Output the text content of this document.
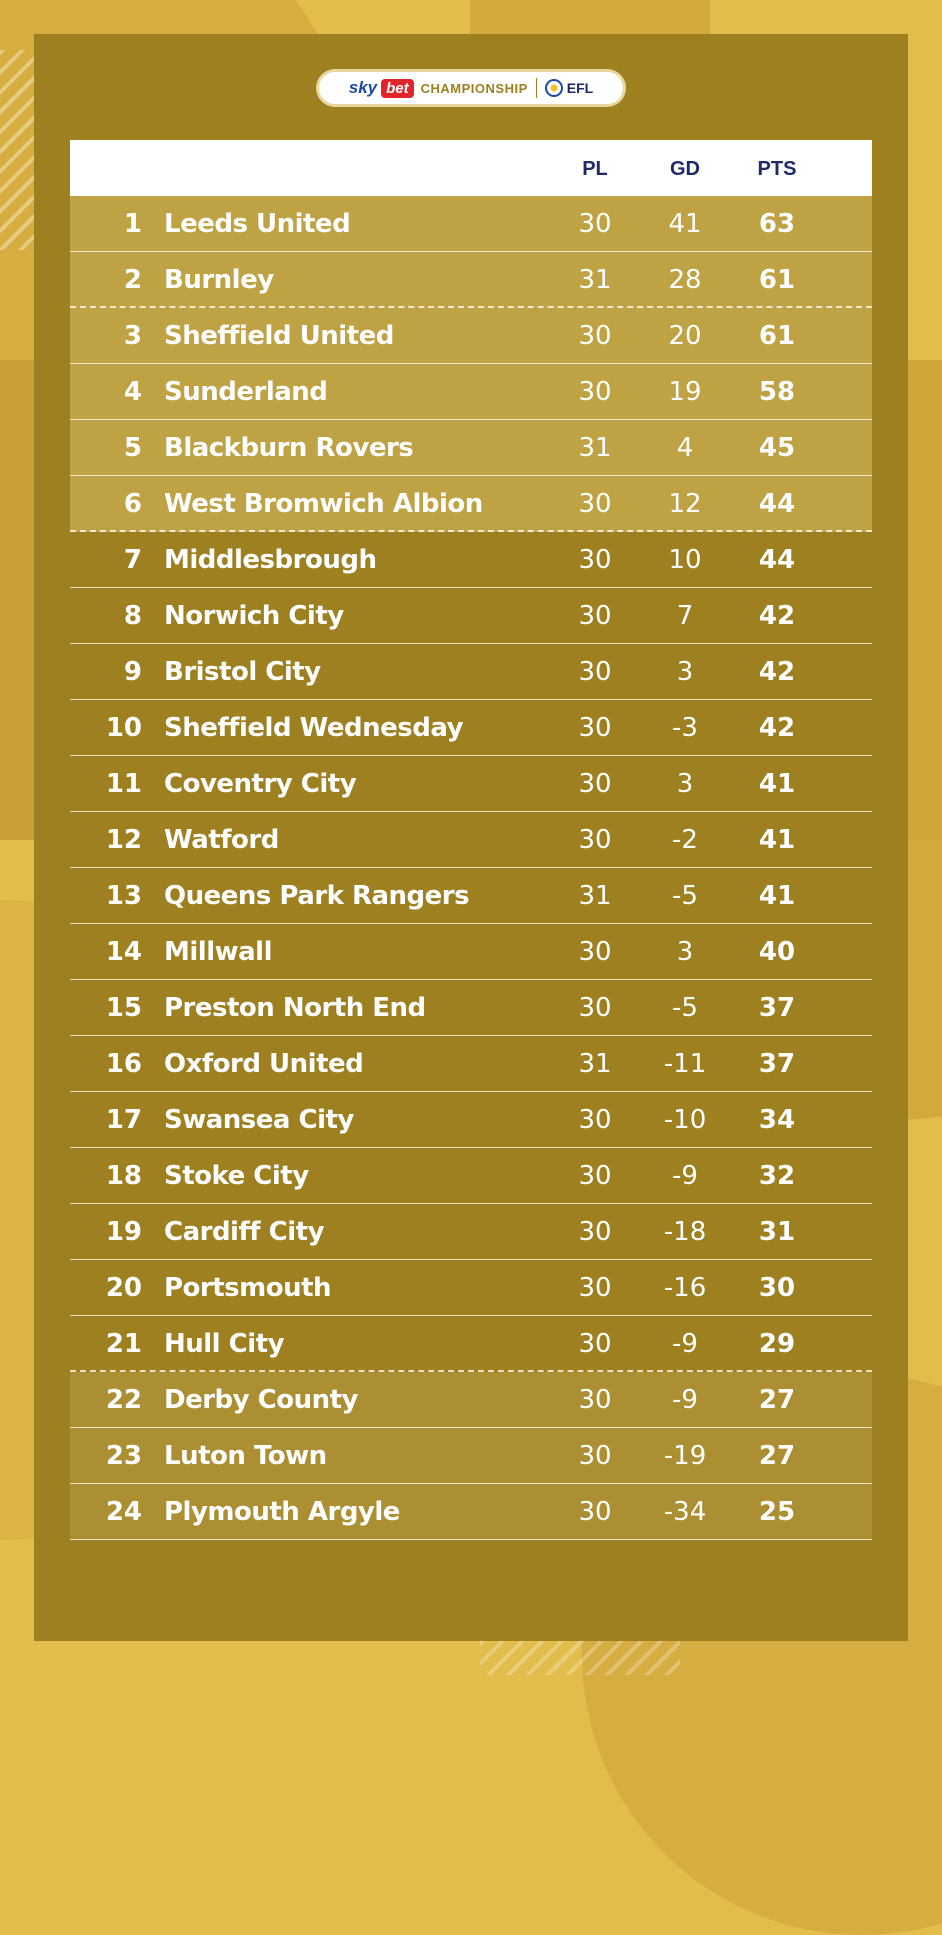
sky bet CHAMPIONSHIP	EFL
PL	GD	PTS
1 Leeds United	30	41	63
2 Burnley	31	28	61
3 Sheffield United	30	20	61
4 Sunderland	30	19	58
5 Blackburn Rovers	31	4	45
6 West Bromwich Albion	30	12	44
7 Middlesbrough	30	10	44
8 Norwich City	30	7	42
9 Bristol City	30	3	42
10 Sheffield Wednesday	30	-3	42
11 Coventry City	30	3	41
12 Watford	30	-2	41
13 Queens Park Rangers	31	-5	41
14 Millwall	30	3	40
15 Preston North End	30	-5	37
16 Oxford United	31	-11	37
17 Swansea City	30	-10	34
18 Stoke City	30	-9	32
19 Cardiff City	30	-18	31
20 Portsmouth	30	-16	30
21 Hull City	30	-9	29
22 Derby County	30	-9	27
23 Luton Town	30	-19	27
24 Plymouth Argyle	30	-34	25
